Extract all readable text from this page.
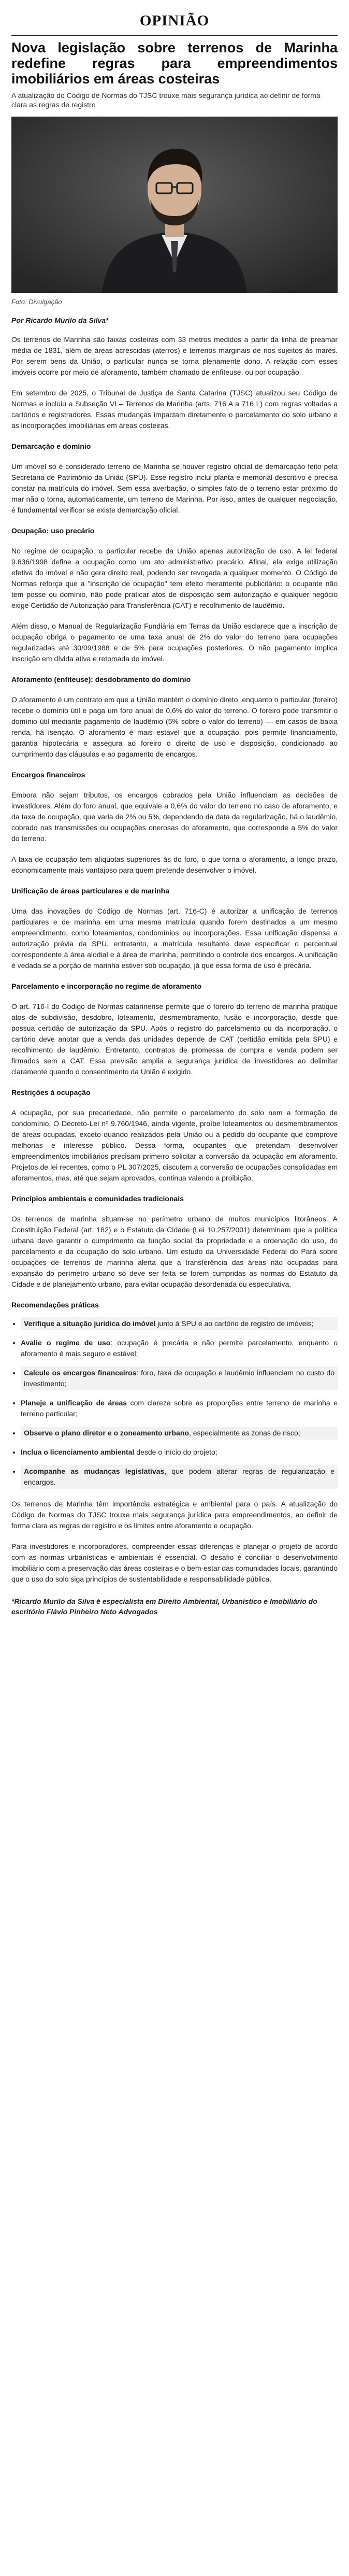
OPINIÃO
Nova legislação sobre terrenos de Marinha redefine regras para empreendimentos imobiliários em áreas costeiras

A atualização do Código de Normas do TJSC trouxe mais segurança jurídica ao definir de forma clara as regras de registro

Foto: Divulgação

Por Ricardo Murilo da Silva*

Os terrenos de Marinha são faixas costeiras com 33 metros medidos a partir da linha de preamar média de 1831, além de áreas acrescidas (aterros) e terrenos marginais de rios sujeitos às marés. Por serem bens da União, o particular nunca se torna plenamente dono. A relação com esses imóveis ocorre por meio de aforamento, também chamado de enfiteuse, ou por ocupação.

Em setembro de 2025, o Tribunal de Justiça de Santa Catarina (TJSC) atualizou seu Código de Normas e incluiu a Subseção VI – Terrenos de Marinha (arts. 716 A a 716 L) com regras voltadas a cartórios e registradores. Essas mudanças impactam diretamente o parcelamento do solo urbano e as incorporações imobiliárias em áreas costeiras.

Demarcação e domínio

Um imóvel só é considerado terreno de Marinha se houver registro oficial de demarcação feito pela Secretaria de Patrimônio da União (SPU). Esse registro inclui planta e memorial descritivo e precisa constar na matrícula do imóvel. Sem essa averbação, o simples fato de o terreno estar próximo do mar não o torna, automaticamente, um terreno de Marinha. Por isso, antes de qualquer negociação, é fundamental verificar se existe demarcação oficial.

Ocupação: uso precário

No regime de ocupação, o particular recebe da União apenas autorização de uso. A lei federal 9.636/1998 define a ocupação como um ato administrativo precário. Afinal, ela exige utilização efetiva do imóvel e não gera direito real, podendo ser revogada a qualquer momento. O Código de Normas reforça que a "inscrição de ocupação" tem efeito meramente publicitário: o ocupante não tem posse ou domínio, não pode praticar atos de disposição sem autorização e qualquer negócio exige Certidão de Autorização para Transferência (CAT) e recolhimento de laudêmio.

Além disso, o Manual de Regularização Fundiária em Terras da União esclarece que a inscrição de ocupação obriga o pagamento de uma taxa anual de 2% do valor do terreno para ocupações regularizadas até 30/09/1988 e de 5% para ocupações posteriores. O não pagamento implica inscrição em dívida ativa e retomada do imóvel.

Aforamento (enfiteuse): desdobramento do domínio

O aforamento é um contrato em que a União mantém o domínio direto, enquanto o particular (foreiro) recebe o domínio útil e paga um foro anual de 0,6% do valor do terreno. O foreiro pode transmitir o domínio útil mediante pagamento de laudêmio (5% sobre o valor do terreno) — em casos de baixa renda, há isenção. O aforamento é mais estável que a ocupação, pois permite financiamento, garantia hipotecária e assegura ao foreiro o direito de uso e disposição, condicionado ao cumprimento das cláusulas e ao pagamento de encargos.

Encargos financeiros

Embora não sejam tributos, os encargos cobrados pela União influenciam as decisões de investidores. Além do foro anual, que equivale a 0,6% do valor do terreno no caso de aforamento, e da taxa de ocupação, que varia de 2% ou 5%, dependendo da data da regularização, há o laudêmio, cobrado nas transmissões ou ocupações onerosas do aforamento, que corresponde a 5% do valor do terreno.

A taxa de ocupação tem alíquotas superiores às do foro, o que torna o aforamento, a longo prazo, economicamente mais vantajoso para quem pretende desenvolver o imóvel.

Unificação de áreas particulares e de marinha

Uma das inovações do Código de Normas (art. 716-C) é autorizar a unificação de terrenos particulares e de marinha em uma mesma matrícula quando forem destinados a um mesmo empreendimento, como loteamentos, condomínios ou incorporações. Essa unificação dispensa a autorização prévia da SPU, entretanto, a matrícula resultante deve especificar o percentual correspondente à área alodial e à área de marinha, permitindo o controle dos encargos. A unificação é vedada se a porção de marinha estiver sob ocupação, já que essa forma de uso é precária.

Parcelamento e incorporação no regime de aforamento

O art. 716-I do Código de Normas catarinense permite que o foreiro do terreno de marinha pratique atos de subdivisão, desdobro, loteamento, desmembramento, fusão e incorporação, desde que possua certidão de autorização da SPU. Após o registro do parcelamento ou da incorporação, o cartório deve anotar que a venda das unidades depende de CAT (certidão emitida pela SPU) e recolhimento de laudêmio. Entretanto, contratos de promessa de compra e venda podem ser firmados sem a CAT. Essa previsão amplia a segurança jurídica de investidores ao delimitar claramente quando o consentimento da União é exigido.

Restrições à ocupação

A ocupação, por sua precariedade, não permite o parcelamento do solo nem a formação de condomínio. O Decreto-Lei nº 9.760/1946, ainda vigente, proíbe loteamentos ou desmembramentos de áreas ocupadas, exceto quando realizados pela União ou a pedido do ocupante que comprove melhorias e interesse público. Dessa forma, ocupantes que pretendam desenvolver empreendimentos imobiliários precisam primeiro solicitar a conversão da ocupação em aforamento. Projetos de lei recentes, como o PL 307/2025, discutem a conversão de ocupações consolidadas em aforamentos, mas, até que sejam aprovados, continua valendo a proibição.

Princípios ambientais e comunidades tradicionais

Os terrenos de marinha situam-se no perímetro urbano de muitos municípios litorâneos. A Constituição Federal (art. 182) e o Estatuto da Cidade (Lei 10.257/2001) determinam que a política urbana deve garantir o cumprimento da função social da propriedade e a ordenação do uso, do parcelamento e da ocupação do solo urbano. Um estudo da Universidade Federal do Pará sobre ocupações de terrenos de marinha alerta que a transferência das áreas não ocupadas para expansão do perímetro urbano só deve ser feita se forem cumpridas as normas do Estatuto da Cidade e de planejamento urbano, para evitar ocupação desordenada ou especulativa.

Recomendações práticas
• Verifique a situação jurídica do imóvel junto à SPU e ao cartório de registro de imóveis;
• Avalie o regime de uso: ocupação é precária e não permite parcelamento, enquanto o aforamento é mais seguro e estável;
• Calcule os encargos financeiros: foro, taxa de ocupação e laudêmio influenciam no custo do investimento;
• Planeje a unificação de áreas com clareza sobre as proporções entre terreno de marinha e terreno particular;
• Observe o plano diretor e o zoneamento urbano, especialmente as zonas de risco;
• Inclua o licenciamento ambiental desde o início do projeto;
• Acompanhe as mudanças legislativas, que podem alterar regras de regularização e encargos.

Os terrenos de Marinha têm importância estratégica e ambiental para o país. A atualização do Código de Normas do TJSC trouxe mais segurança jurídica para empreendimentos, ao definir de forma clara as regras de registro e os limites entre aforamento e ocupação.

Para investidores e incorporadores, compreender essas diferenças e planejar o projeto de acordo com as normas urbanísticas e ambientais é essencial. O desafio é conciliar o desenvolvimento imobiliário com a preservação das áreas costeiras e o bem-estar das comunidades locais, garantindo que o uso do solo siga princípios de sustentabilidade e responsabilidade pública.

*Ricardo Murilo da Silva é especialista em Direito Ambiental, Urbanístico e Imobiliário do escritório Flávio Pinheiro Neto Advogados
